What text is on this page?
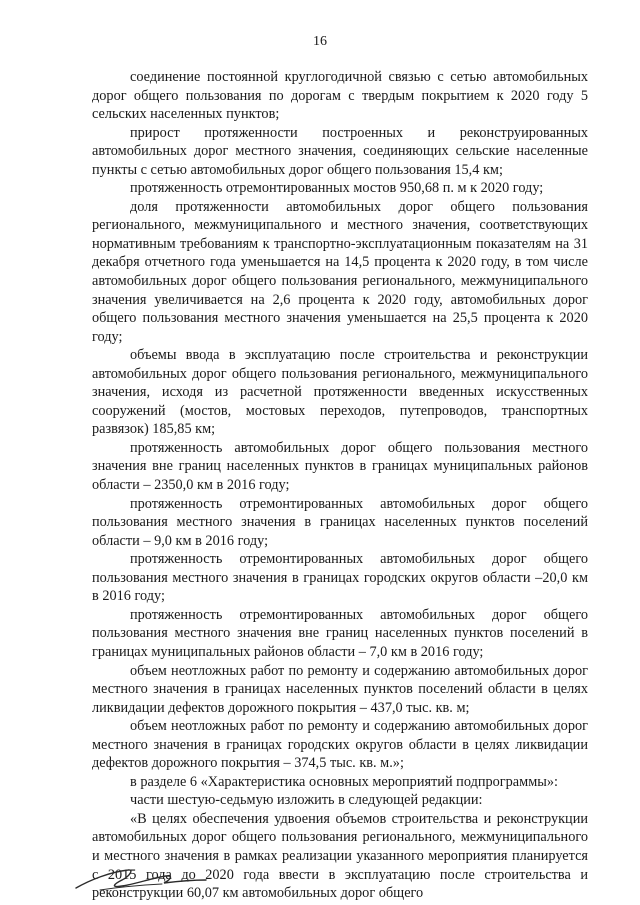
16

соединение постоянной круглогодичной связью с сетью автомобильных дорог общего пользования по дорогам с твердым покрытием к 2020 году 5 сельских населенных пунктов;

прирост протяженности построенных и реконструированных автомобильных дорог местного значения, соединяющих сельские населенные пункты с сетью автомобильных дорог общего пользования 15,4 км;

протяженность отремонтированных мостов 950,68 п. м к 2020 году;

доля протяженности автомобильных дорог общего пользования регионального, межмуниципального и местного значения, соответствующих нормативным требованиям к транспортно-эксплуатационным показателям на 31 декабря отчетного года уменьшается на 14,5 процента к 2020 году, в том числе автомобильных дорог общего пользования регионального, межмуниципального значения увеличивается на 2,6 процента к 2020 году, автомобильных дорог общего пользования местного значения уменьшается на 25,5 процента к 2020 году;

объемы ввода в эксплуатацию после строительства и реконструкции автомобильных дорог общего пользования регионального, межмуниципального значения, исходя из расчетной протяженности введенных искусственных сооружений (мостов, мостовых переходов, путепроводов, транспортных развязок) 185,85 км;

протяженность автомобильных дорог общего пользования местного значения вне границ населенных пунктов в границах муниципальных районов области – 2350,0 км в 2016 году;

протяженность отремонтированных автомобильных дорог общего пользования местного значения в границах населенных пунктов поселений области – 9,0 км в 2016 году;

протяженность отремонтированных автомобильных дорог общего пользования местного значения в границах городских округов области –20,0 км в 2016 году;

протяженность отремонтированных автомобильных дорог общего пользования местного значения вне границ населенных пунктов поселений в границах муниципальных районов области – 7,0 км в 2016 году;

объем неотложных работ по ремонту и содержанию автомобильных дорог местного значения в границах населенных пунктов поселений области в целях ликвидации дефектов дорожного покрытия – 437,0 тыс. кв. м;

объем неотложных работ по ремонту и содержанию автомобильных дорог местного значения в границах городских округов области в целях ликвидации дефектов дорожного покрытия – 374,5 тыс. кв. м.»;

в разделе 6 «Характеристика основных мероприятий подпрограммы»:

части шестую-седьмую изложить в следующей редакции:

«В целях обеспечения удвоения объемов строительства и реконструкции автомобильных дорог общего пользования регионального, межмуниципального и местного значения в рамках реализации указанного мероприятия планируется с 2015 года до 2020 года ввести в эксплуатацию после строительства и реконструкции 60,07 км автомобильных дорог общего
